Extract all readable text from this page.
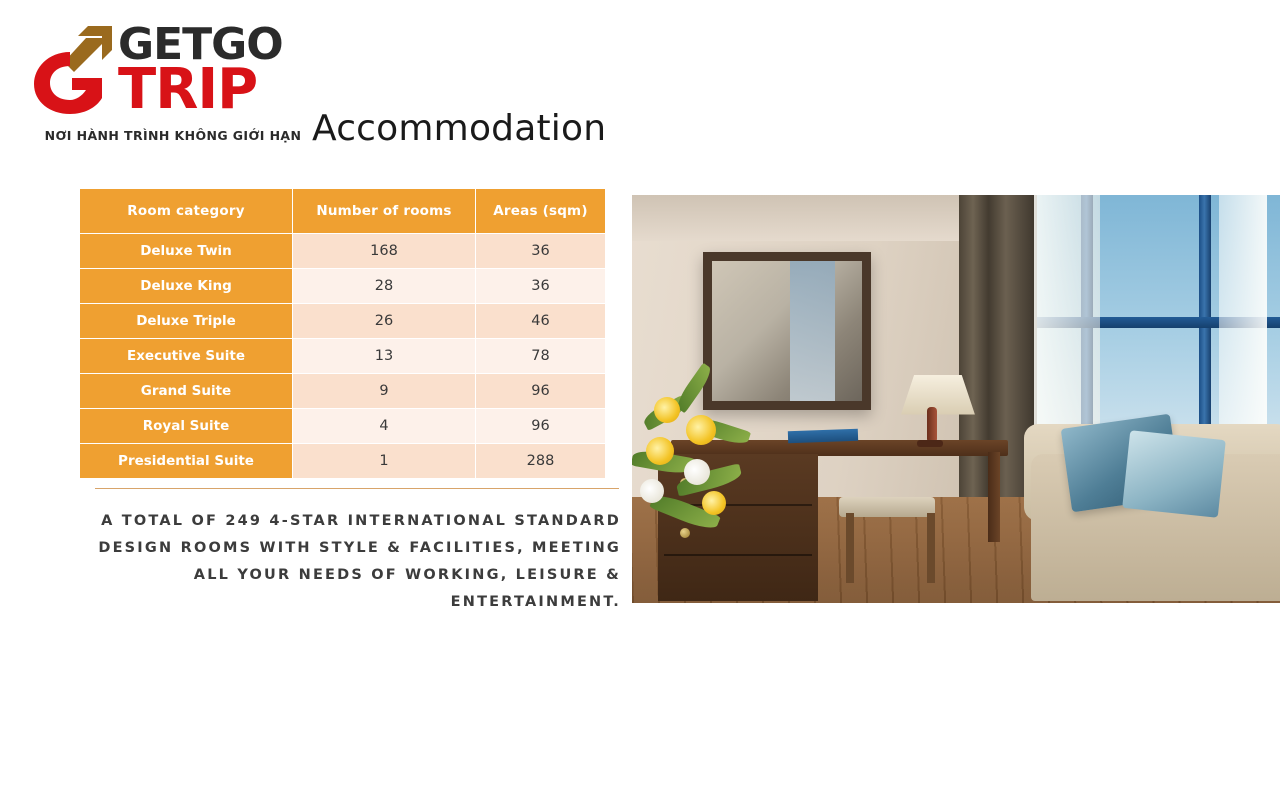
GETGO
TRIP
NƠI HÀNH TRÌNH KHÔNG GIỚI HẠN Accommodation
Room category	Number of rooms	Areas (sqm)
Deluxe Twin	168	36
Deluxe King	28	36
Deluxe Triple	26	46
Executive Suite	13	78
Grand Suite	9	96
Royal Suite	4	96
Presidential Suite	1	288
A TOTAL OF 249 4-STAR INTERNATIONAL STANDARD DESIGN ROOMS WITH STYLE & FACILITIES, MEETING ALL YOUR NEEDS OF WORKING, LEISURE & ENTERTAINMENT.
